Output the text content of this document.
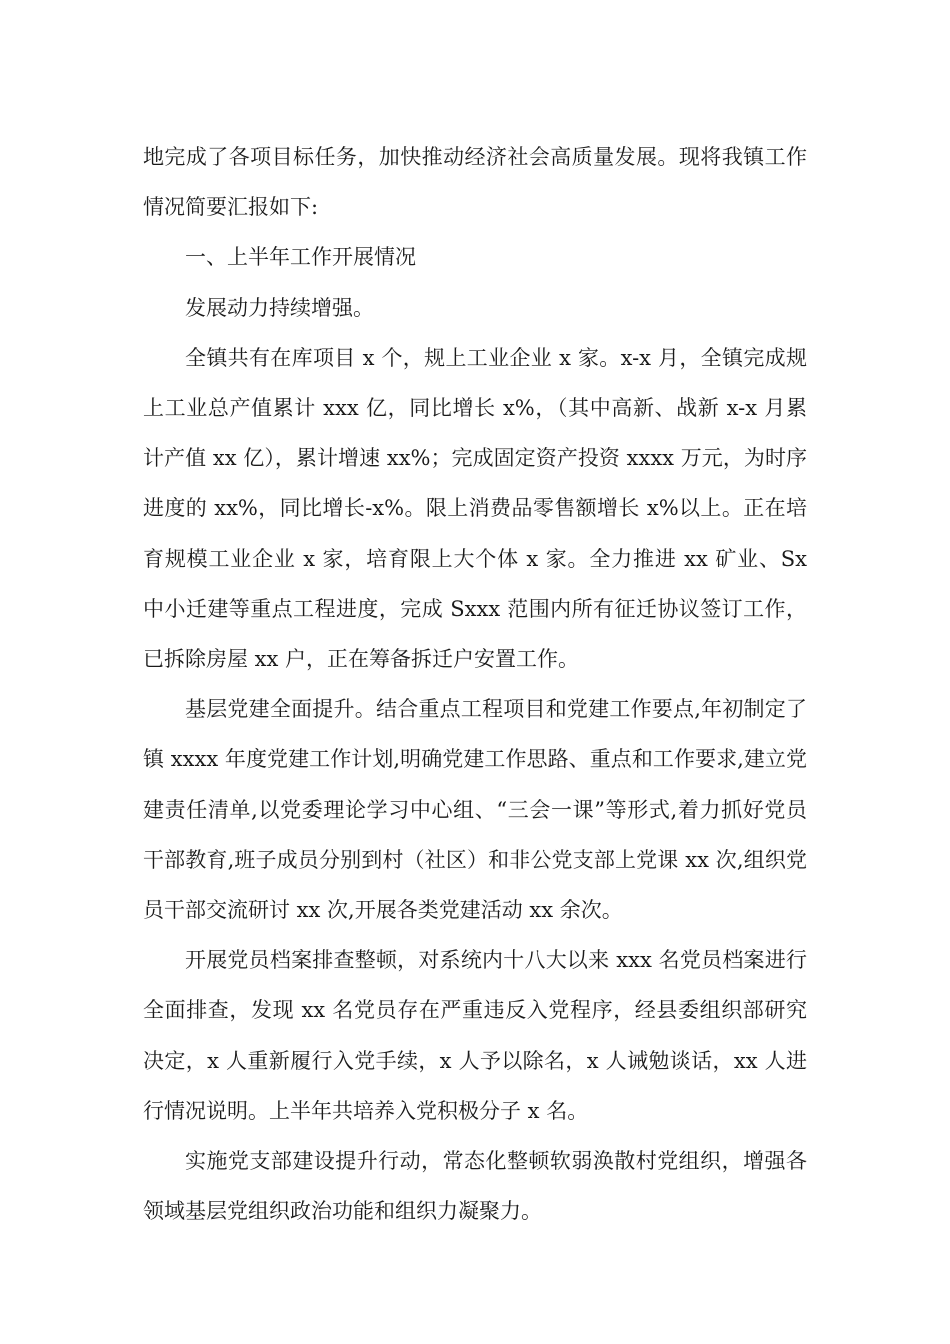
地完成了各项目标任务，加快推动经济社会高质量发展。现将我镇工作情况简要汇报如下:

一、上半年工作开展情况

发展动力持续增强。

全镇共有在库项目 x 个，规上工业企业 x 家。x-x 月，全镇完成规上工业总产值累计 xxx 亿，同比增长 x%，（其中高新、战新 x-x 月累计产值 xx 亿），累计增速 xx%；完成固定资产投资 xxxx 万元，为时序进度的 xx%，同比增长-x%。限上消费品零售额增长 x%以上。正在培育规模工业企业 x 家，培育限上大个体 x 家。全力推进 xx 矿业、Sx 中小迁建等重点工程进度，完成 Sxxx 范围内所有征迁协议签订工作，已拆除房屋 xx 户，正在筹备拆迁户安置工作。

基层党建全面提升。结合重点工程项目和党建工作要点,年初制定了镇 xxxx 年度党建工作计划,明确党建工作思路、重点和工作要求,建立党建责任清单,以党委理论学习中心组、“三会一课”等形式,着力抓好党员干部教育,班子成员分别到村（社区）和非公党支部上党课 xx 次,组织党员干部交流研讨 xx 次,开展各类党建活动 xx 余次。

开展党员档案排查整顿，对系统内十八大以来 xxx 名党员档案进行全面排查，发现 xx 名党员存在严重违反入党程序，经县委组织部研究决定，x 人重新履行入党手续，x 人予以除名，x 人诫勉谈话，xx 人进行情况说明。上半年共培养入党积极分子 x 名。

实施党支部建设提升行动，常态化整顿软弱涣散村党组织，增强各领域基层党组织政治功能和组织力凝聚力。
